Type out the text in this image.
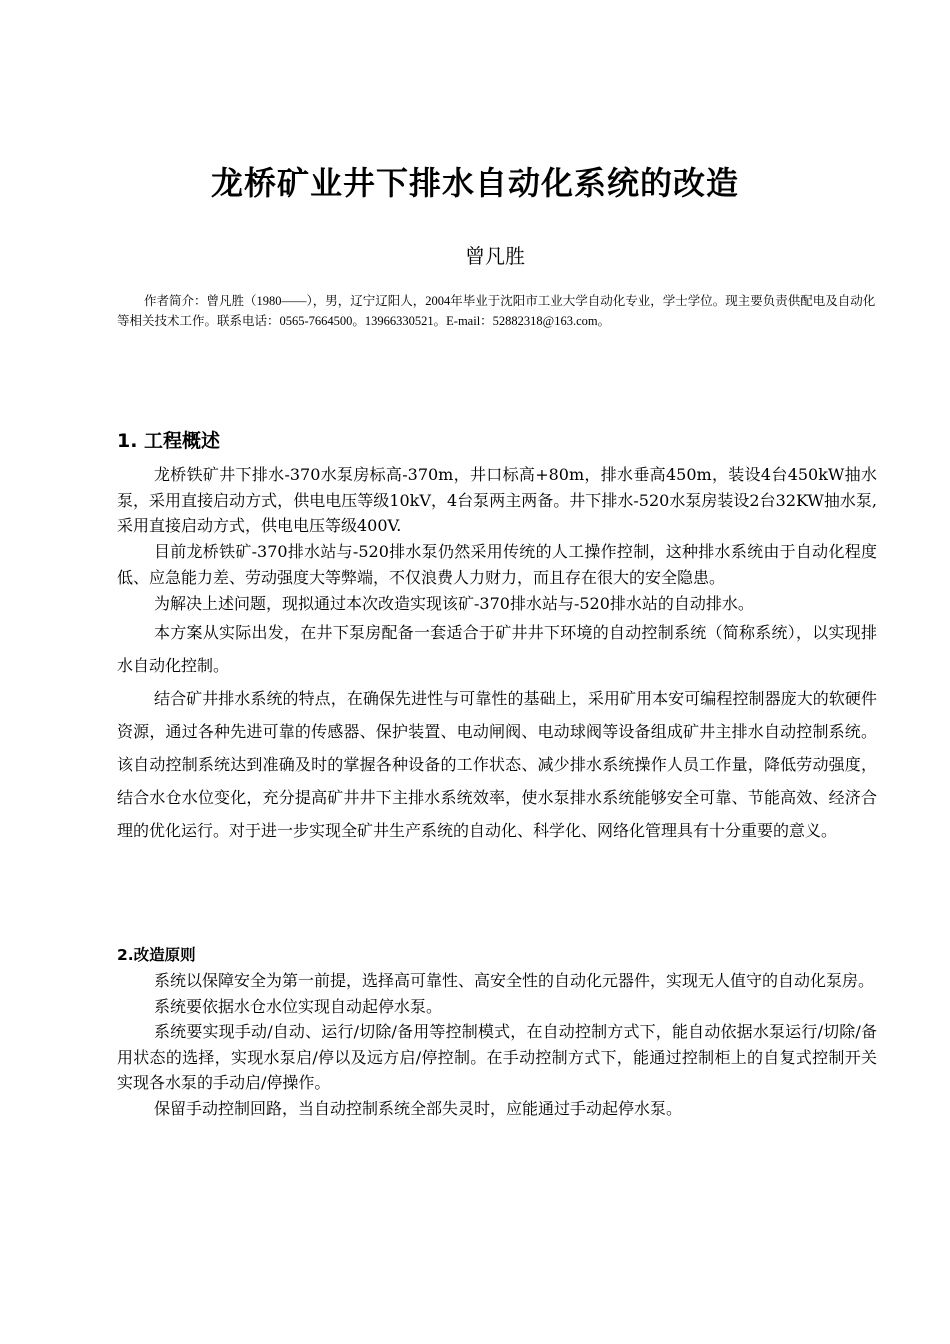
龙桥矿业井下排水自动化系统的改造
曾凡胜
作者简介：曾凡胜（1980——），男，辽宁辽阳人，2004年毕业于沈阳市工业大学自动化专业，学士学位。现主要负责供配电及自动化等相关技术工作。联系电话：0565-7664500。13966330521。E-mail：52882318@163.com。
1. 工程概述

龙桥铁矿井下排水-370水泵房标高-370m，井口标高+80m，排水垂高450m，装设4台450kW抽水泵，采用直接启动方式，供电电压等级10kV，4台泵两主两备。井下排水-520水泵房装设2台32KW抽水泵, 采用直接启动方式，供电电压等级400V.

目前龙桥铁矿-370排水站与-520排水泵仍然采用传统的人工操作控制，这种排水系统由于自动化程度低、应急能力差、劳动强度大等弊端，不仅浪费人力财力，而且存在很大的安全隐患。

为解决上述问题，现拟通过本次改造实现该矿-370排水站与-520排水站的自动排水。

本方案从实际出发，在井下泵房配备一套适合于矿井井下环境的自动控制系统（简称系统），以实现排水自动化控制。

结合矿井排水系统的特点，在确保先进性与可靠性的基础上，采用矿用本安可编程控制器庞大的软硬件资源，通过各种先进可靠的传感器、保护装置、电动闸阀、电动球阀等设备组成矿井主排水自动控制系统。该自动控制系统达到准确及时的掌握各种设备的工作状态、减少排水系统操作人员工作量，降低劳动强度，结合水仓水位变化，充分提高矿井井下主排水系统效率，使水泵排水系统能够安全可靠、节能高效、经济合理的优化运行。对于进一步实现全矿井生产系统的自动化、科学化、网络化管理具有十分重要的意义。

2.改造原则

系统以保障安全为第一前提，选择高可靠性、高安全性的自动化元器件，实现无人值守的自动化泵房。

系统要依据水仓水位实现自动起停水泵。

系统要实现手动/自动、运行/切除/备用等控制模式，在自动控制方式下，能自动依据水泵运行/切除/备用状态的选择，实现水泵启/停以及远方启/停控制。在手动控制方式下，能通过控制柜上的自复式控制开关实现各水泵的手动启/停操作。

保留手动控制回路，当自动控制系统全部失灵时，应能通过手动起停水泵。
